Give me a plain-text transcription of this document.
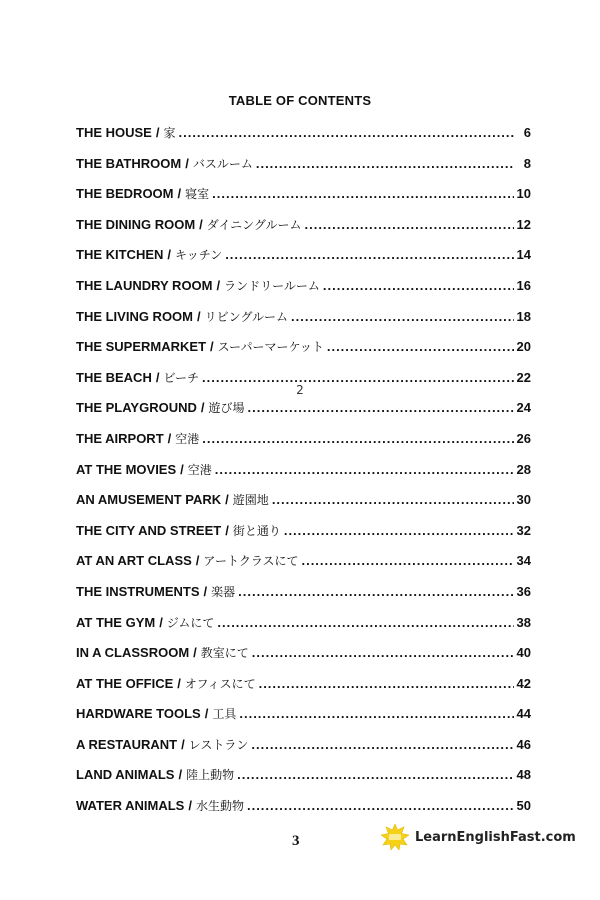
TABLE OF CONTENTS
THE HOUSE / 家 .....	6
THE BATHROOM / バスルーム .....	8
THE BEDROOM / 寝室 .....	10
THE DINING ROOM / ダイニングルーム .....	12
THE KITCHEN / キッチン .....	14
THE LAUNDRY ROOM / ランドリールーム .....	16
THE LIVING ROOM / リビングルーム .....	18
THE SUPERMARKET / スーパーマーケット .....	20
THE BEACH / ビーチ .....	22
THE PLAYGROUND / 遊び場 .....	24
THE AIRPORT / 空港 .....	26
AT THE MOVIES / 空港 .....	28
AN AMUSEMENT PARK / 遊園地 .....	30
THE CITY AND STREET / 街と通り .....	32
AT AN ART CLASS / アートクラスにて .....	34
THE INSTRUMENTS / 楽器 .....	36
AT THE GYM / ジムにて .....	38
IN A CLASSROOM / 教室にて .....	40
AT THE OFFICE / オフィスにて .....	42
HARDWARE TOOLS / 工具 .....	44
A RESTAURANT / レストラン .....	46
LAND ANIMALS / 陸上動物 .....	48
WATER ANIMALS / 水生動物 .....	50
2
3	LearnEnglishFast.com
